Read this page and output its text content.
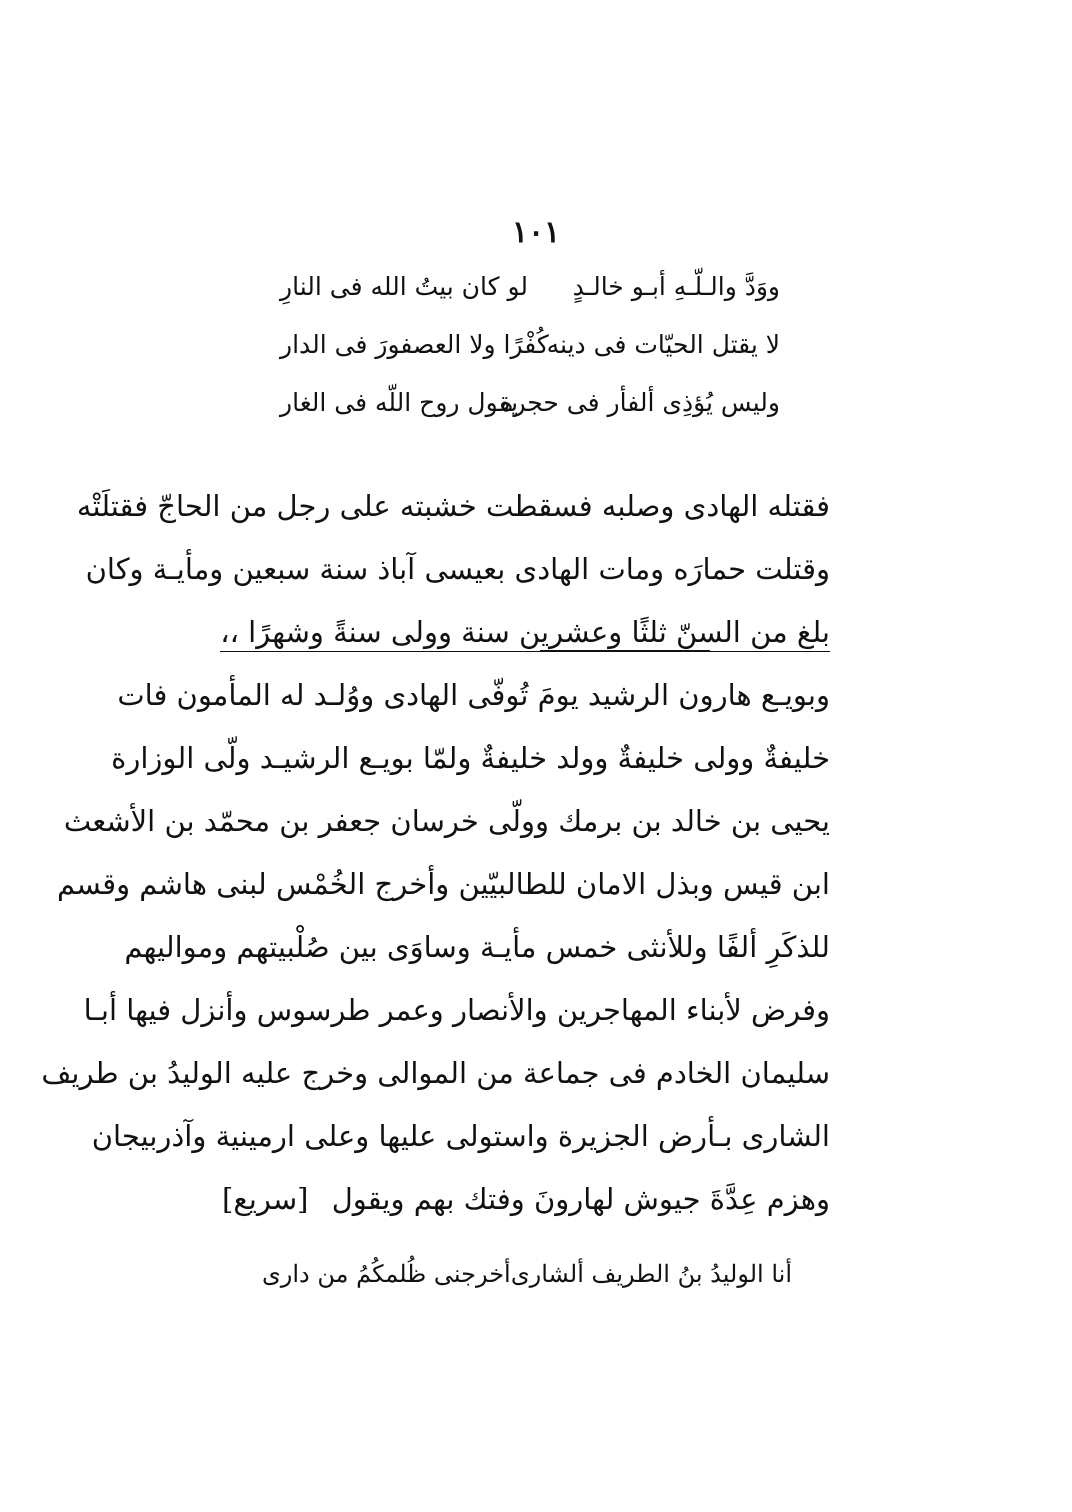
١٠١
ووَدَّ والـلّـهِ أبـو خالـدٍ
لو كان بيتُ الله فى النارِ
لا يقتل الحيّات فى دينه
كُفْرًا ولا العصفورَ فى الدار
وليس يُؤذِى ألفأر فى حجره
يقول روح اللّه فى الغار
فقتله الهادى وصلبه فسقطت خشبته على رجل من الحاجّ فقتلَتْه
وقتلت حمارَه ومات الهادى بعيسى آباذ سنة سبعين ومأيـة وكان
بلغ من السنّ ثلثًا وعشرين سنة وولى سنةً وشهرًا ،،
وبويـع هارون الرشيد يومَ تُوفّى الهادى ووُلـد له المأمون فات
خليفةٌ وولى خليفةٌ وولد خليفةٌ ولمّا بويـع الرشيـد ولّى الوزارة
يحيى بن خالد بن برمك وولّى خرسان جعفر بن محمّد بن الأشعث
ابن قيس وبذل الامان للطالبيّين وأخرج الخُمْس لبنى هاشم وقسم
للذكَرِ ألفًا وللأنثى خمس مأيـة وساوَى بين صُلْبيتهم ومواليهم
وفرض لأبناء المهاجرين والأنصار وعمر طرسوس وأنزل فيها أبـا
سليمان الخادم فى جماعة من الموالى وخرج عليه الوليدُ بن طريف
الشارى بـأرض الجزيرة واستولى عليها وعلى ارمينية وآذربيجان
وهزم عِدَّةَ جيوش لهارونَ وفتك بهم ويقول
[سريع]
أنا الوليدُ بنُ الطريف ألشارى
أخرجنى ظُلمكُمُ من دارى
